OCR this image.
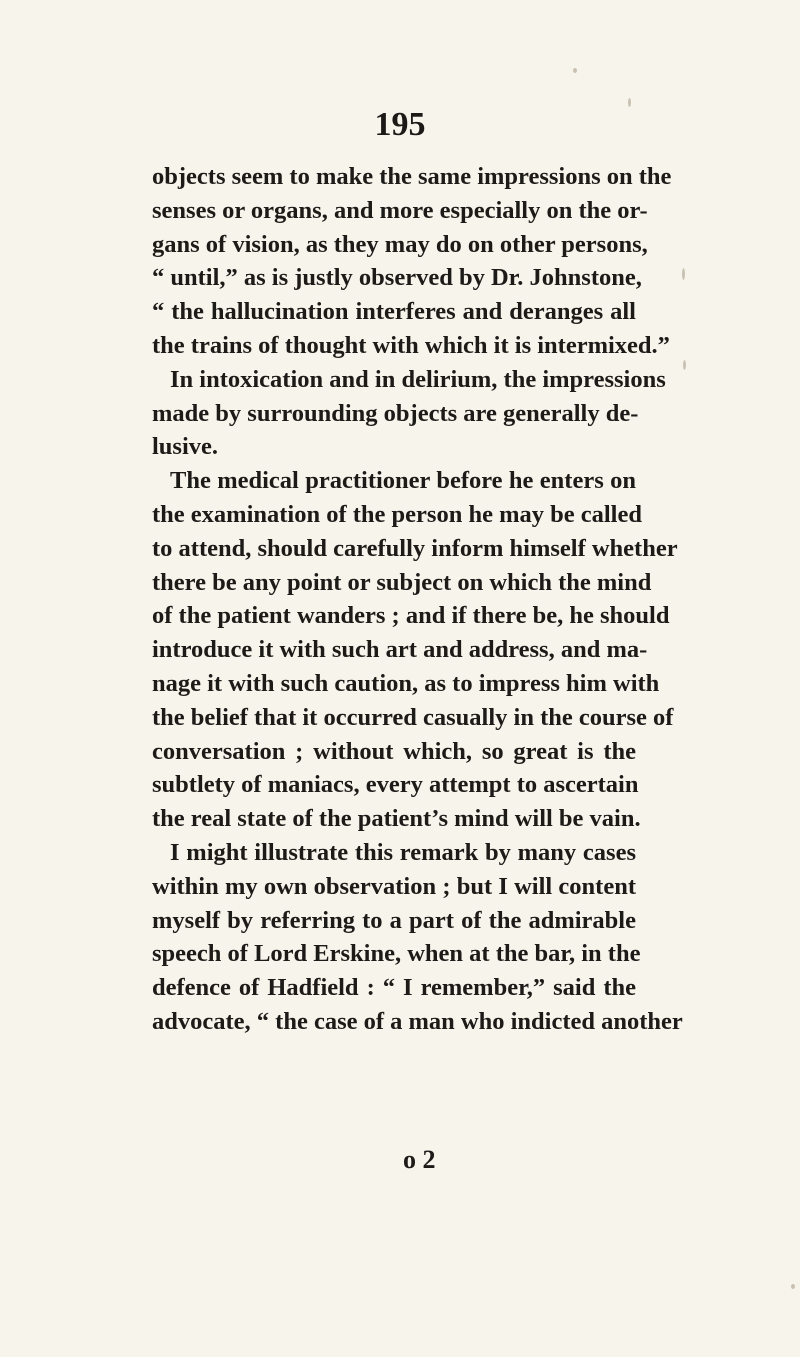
195
objects seem to make the same impressions on the
senses or organs, and more especially on the or-
gans of vision, as they may do on other persons,
“ until,” as is justly observed by Dr. Johnstone,
“ the hallucination interferes and deranges all
the trains of thought with which it is intermixed.”
In intoxication and in delirium, the impressions
made by surrounding objects are generally de-
lusive.
The medical practitioner before he enters on
the examination of the person he may be called
to attend, should carefully inform himself whether
there be any point or subject on which the mind
of the patient wanders ; and if there be, he should
introduce it with such art and address, and ma-
nage it with such caution, as to impress him with
the belief that it occurred casually in the course of
conversation ; without which, so great is the
subtlety of maniacs, every attempt to ascertain
the real state of the patient’s mind will be vain.
I might illustrate this remark by many cases
within my own observation ; but I will content
myself by referring to a part of the admirable
speech of Lord Erskine, when at the bar, in the
defence of Hadfield : “ I remember,” said the
advocate, “ the case of a man who indicted another
o 2
